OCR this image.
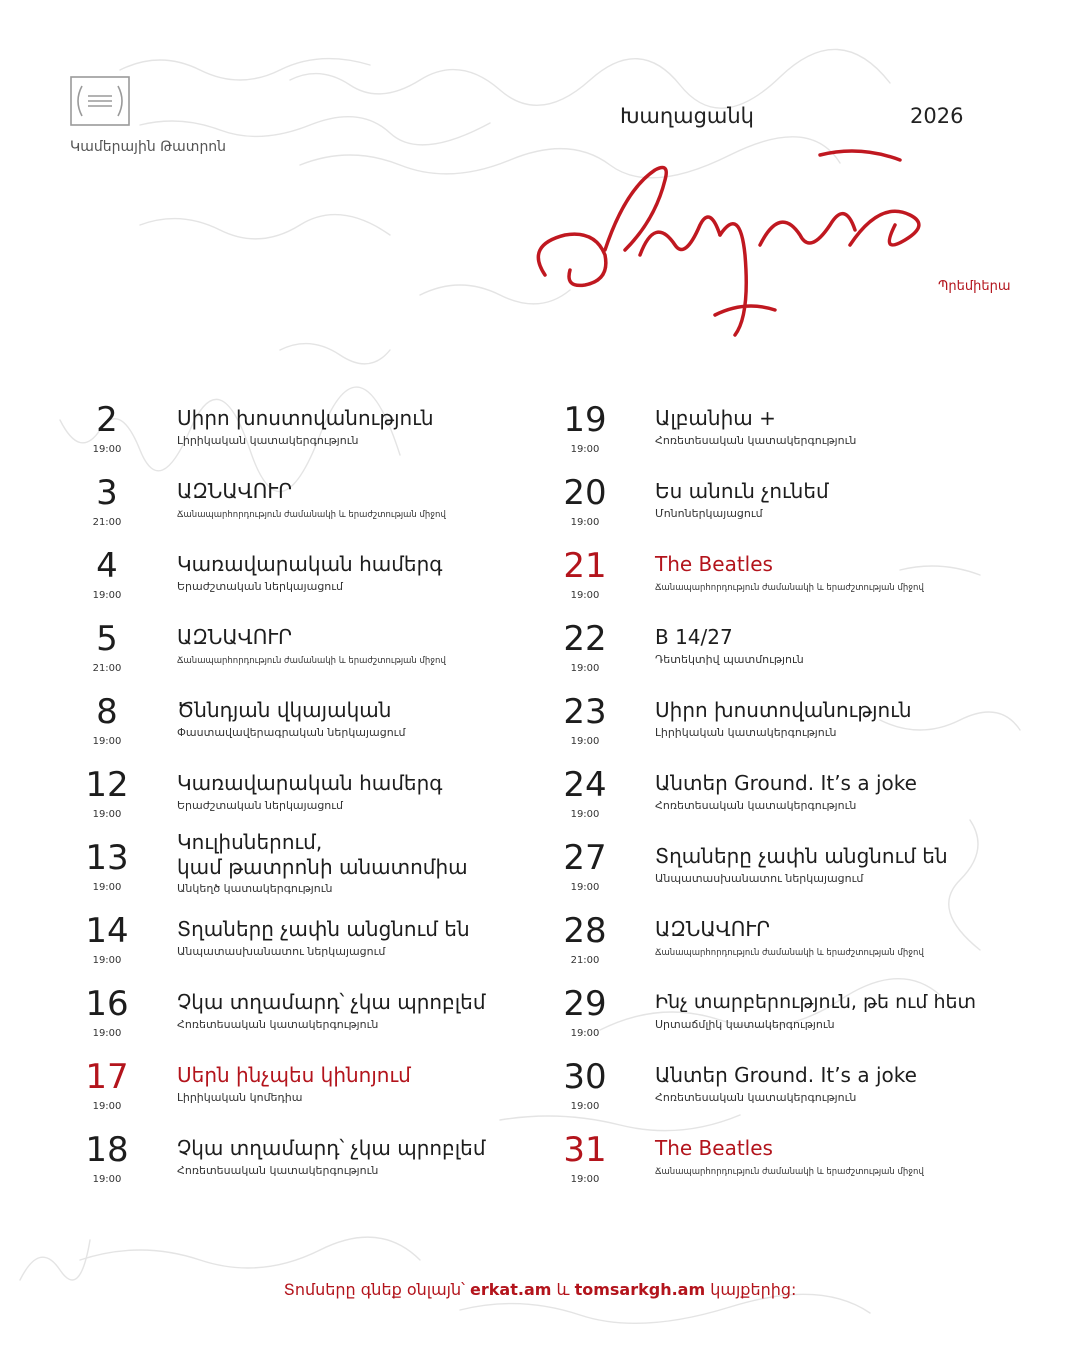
Կամերային Թատրոն
Խաղացանկ	2026
Պրեմիերա
2
19:00
Սիրո խոստովանություն
Լիրիկական կատակերգություն
3
21:00
ԱԶՆԱՎՈՒՐ
Ճանապարհորդություն ժամանակի և երաժշտության միջով
4
19:00
Կառավարական համերգ
Երաժշտական ներկայացում
5
21:00
ԱԶՆԱՎՈՒՐ
Ճանապարհորդություն ժամանակի և երաժշտության միջով
8
19:00
Ծննդյան վկայական
Փաստավավերագրական ներկայացում
12
19:00
Կառավարական համերգ
Երաժշտական ներկայացում
13
19:00
Կուլիսներում,
կամ թատրոնի անատոմիա
Անկեղծ կատակերգություն
14
19:00
Տղաները չափն անցնում են
Անպատասխանատու ներկայացում
16
19:00
Չկա տղամարդ՝ չկա պրոբլեմ
Հոռետեսական կատակերգություն
17
19:00
Սերն ինչպես կինոյում
Լիրիկական կոմեդիա
18
19:00
Չկա տղամարդ՝ չկա պրոբլեմ
Հոռետեսական կատակերգություն
19
19:00
Ալբանիա +
Հոռետեսական կատակերգություն
20
19:00
Ես անուն չունեմ
Մոնոներկայացում
21
19:00
The Beatles
Ճանապարհորդություն ժամանակի և երաժշտության միջով
22
19:00
B 14/27
Դետեկտիվ պատմություն
23
19:00
Սիրո խոստովանություն
Լիրիկական կատակերգություն
24
19:00
Անտեր Ground. It’s a joke
Հոռետեսական կատակերգություն
27
19:00
Տղաները չափն անցնում են
Անպատասխանատու ներկայացում
28
21:00
ԱԶՆԱՎՈՒՐ
Ճանապարհորդություն ժամանակի և երաժշտության միջով
29
19:00
Ինչ տարբերություն, թե ում հետ
Սրտաճմլիկ կատակերգություն
30
19:00
Անտեր Ground. It’s a joke
Հոռետեսական կատակերգություն
31
19:00
The Beatles
Ճանապարհորդություն ժամանակի և երաժշտության միջով
Տոմսերը գնեք օնլայն՝ erkat.am և tomsarkgh.am կայքերից:
